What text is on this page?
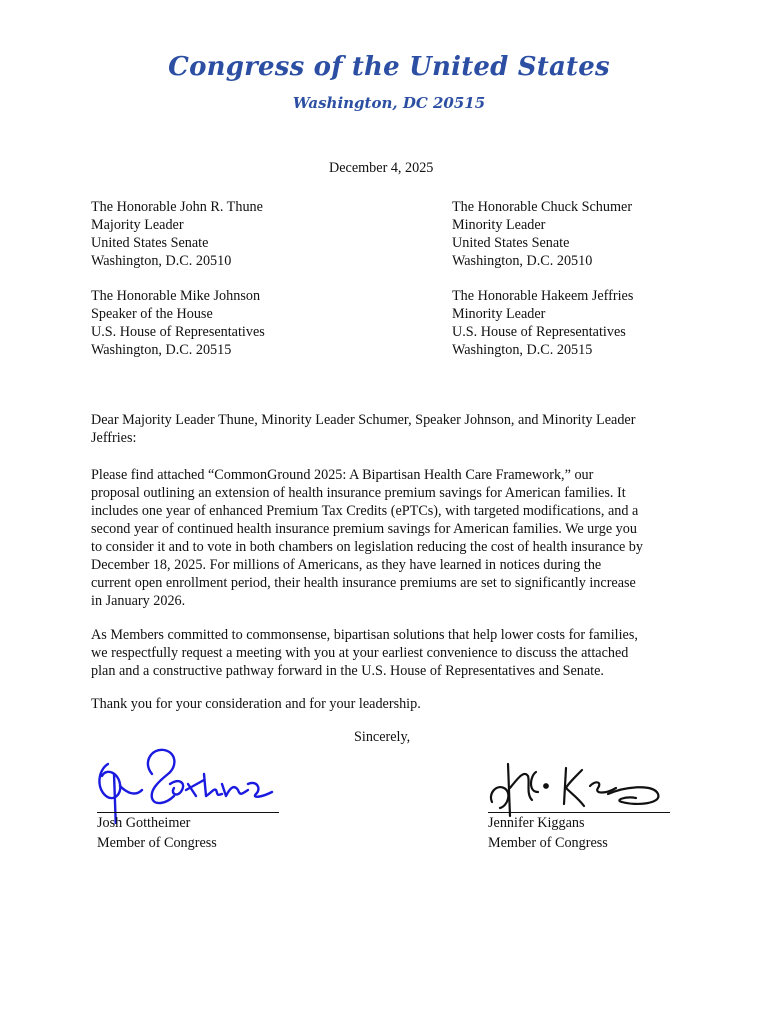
Congress of the United States
Washington, DC 20515
December 4, 2025
The Honorable John R. Thune
Majority Leader
United States Senate
Washington, D.C. 20510
The Honorable Chuck Schumer
Minority Leader
United States Senate
Washington, D.C. 20510
The Honorable Mike Johnson
Speaker of the House
U.S. House of Representatives
Washington, D.C. 20515
The Honorable Hakeem Jeffries
Minority Leader
U.S. House of Representatives
Washington, D.C. 20515
Dear Majority Leader Thune, Minority Leader Schumer, Speaker Johnson, and Minority Leader
Jeffries:
Please find attached “CommonGround 2025: A Bipartisan Health Care Framework,” our
proposal outlining an extension of health insurance premium savings for American families. It
includes one year of enhanced Premium Tax Credits (ePTCs), with targeted modifications, and a
second year of continued health insurance premium savings for American families. We urge you
to consider it and to vote in both chambers on legislation reducing the cost of health insurance by
December 18, 2025. For millions of Americans, as they have learned in notices during the
current open enrollment period, their health insurance premiums are set to significantly increase
in January 2026.
As Members committed to commonsense, bipartisan solutions that help lower costs for families,
we respectfully request a meeting with you at your earliest convenience to discuss the attached
plan and a constructive pathway forward in the U.S. House of Representatives and Senate.
Thank you for your consideration and for your leadership.
Sincerely,
Josh Gottheimer
Member of Congress
Jennifer Kiggans
Member of Congress
